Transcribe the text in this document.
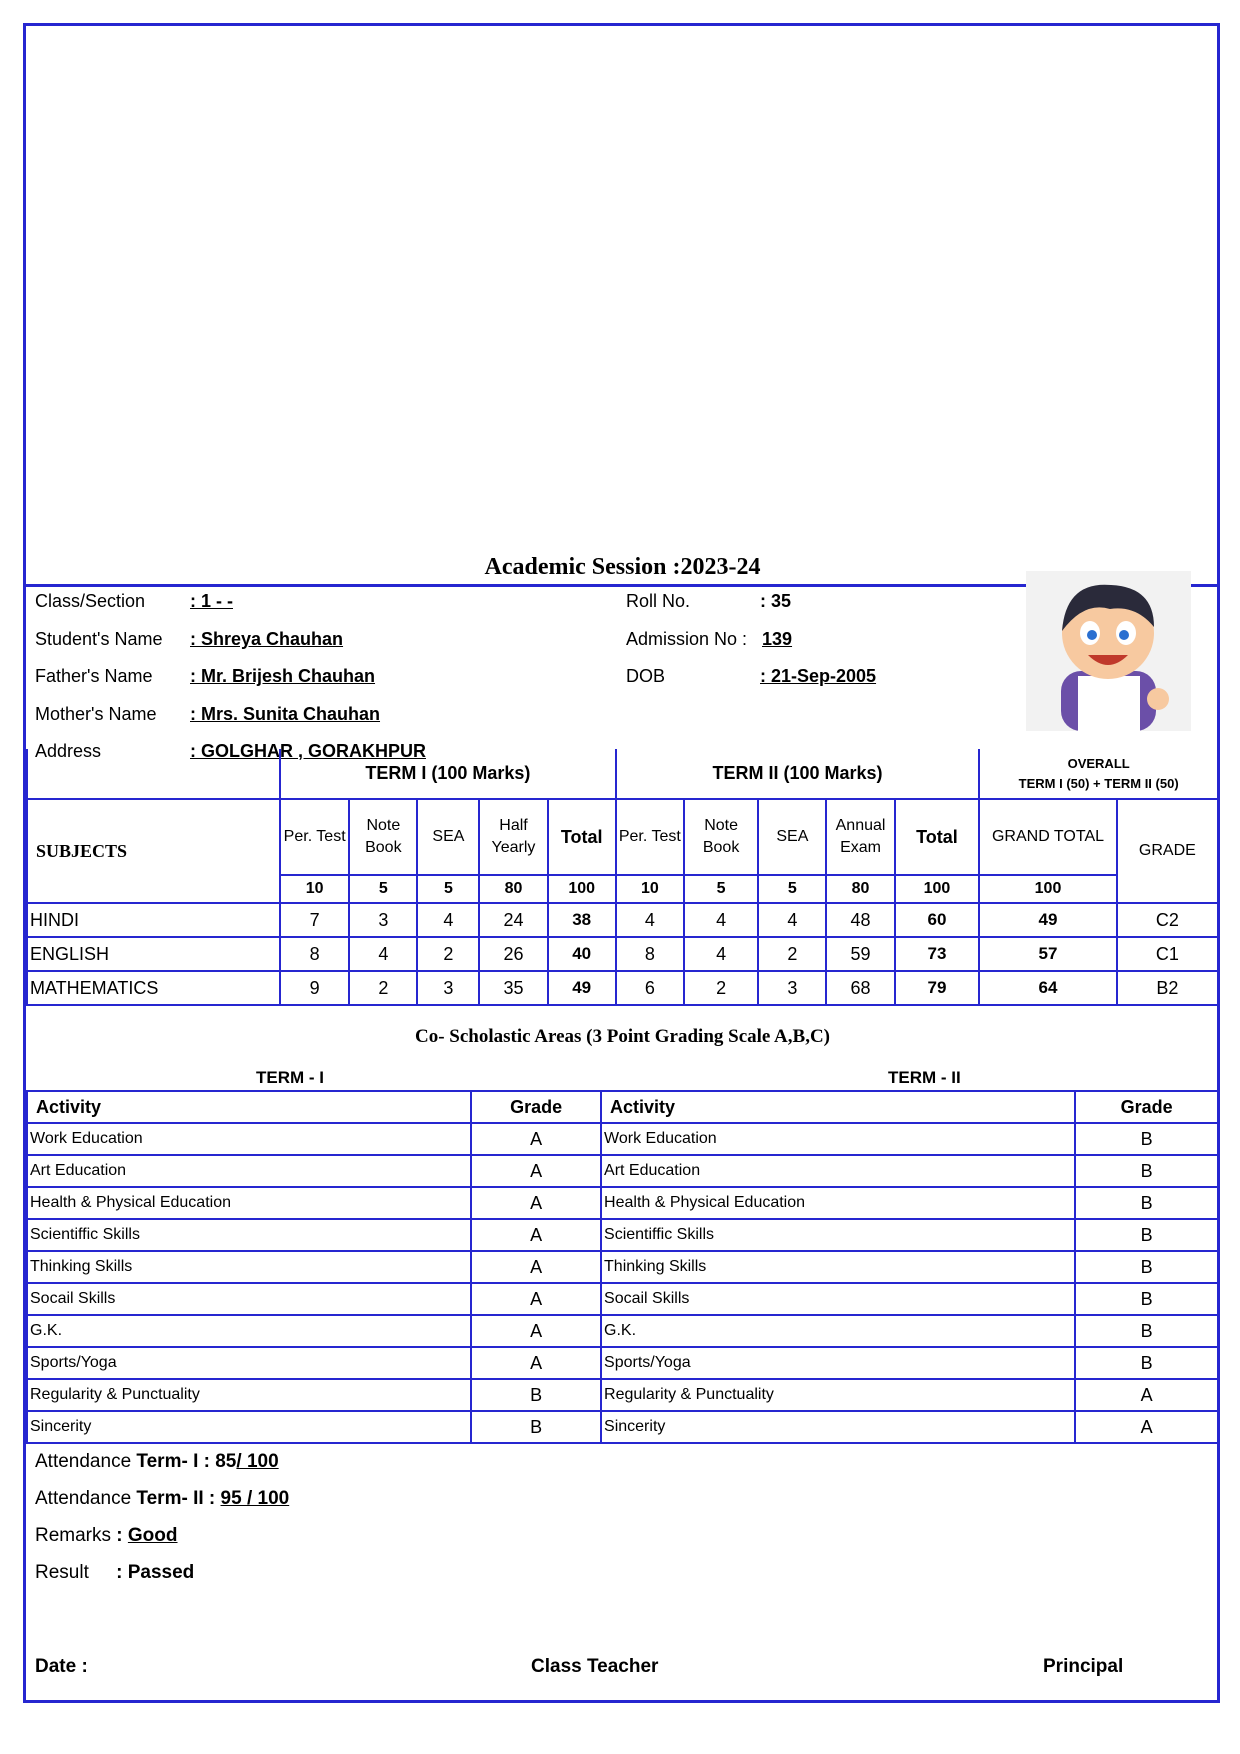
Academic Session :2023-24
Class/Section : 1 - -
Student's Name : Shreya Chauhan
Father's Name : Mr. Brijesh Chauhan
Mother's Name : Mrs. Sunita Chauhan
Address	: GOLGHAR , GORAKHPUR
Roll No.	: 35
Admission No : 139
DOB	: 21-Sep-2005
	TERM I (100 Marks)					TERM II (100 Marks)					OVERALL
TERM I (50) + TERM II (50)	

SUBJECTS	Per. Test	Note Book	SEA	Half Yearly	Total	Per. Test	Note Book	SEA	Annual Exam	Total	GRAND TOTAL	GRADE
	10	5	5	80	100	10	5	5	80	100	100	
HINDI	7	3	4	24	38	4	4	4	48	60	49	C2
ENGLISH	8	4	2	26	40	8	4	2	59	73	57	C1
MATHEMATICS	9	2	3	35	49	6	2	3	68	79	64	B2
Co- Scholastic Areas (3 Point Grading Scale A,B,C)
TERM - I	TERM - II
Activity	Grade	Activity	Grade
Work Education	A	Work Education	B
Art Education	A	Art Education	B
Health & Physical Education	A	Health & Physical Education	B
Scientiffic Skills	A	Scientiffic Skills	B
Thinking Skills	A	Thinking Skills	B
Socail Skills	A	Socail Skills	B
G.K.	A	G.K.	B
Sports/Yoga	A	Sports/Yoga	B
Regularity & Punctuality	B	Regularity & Punctuality	A
Sincerity	B	Sincerity	A
Attendance Term- I : 85/ 100
Attendance Term- II : 95 / 100
Remarks : Good
Result : Passed
Date :	Class Teacher	Principal
